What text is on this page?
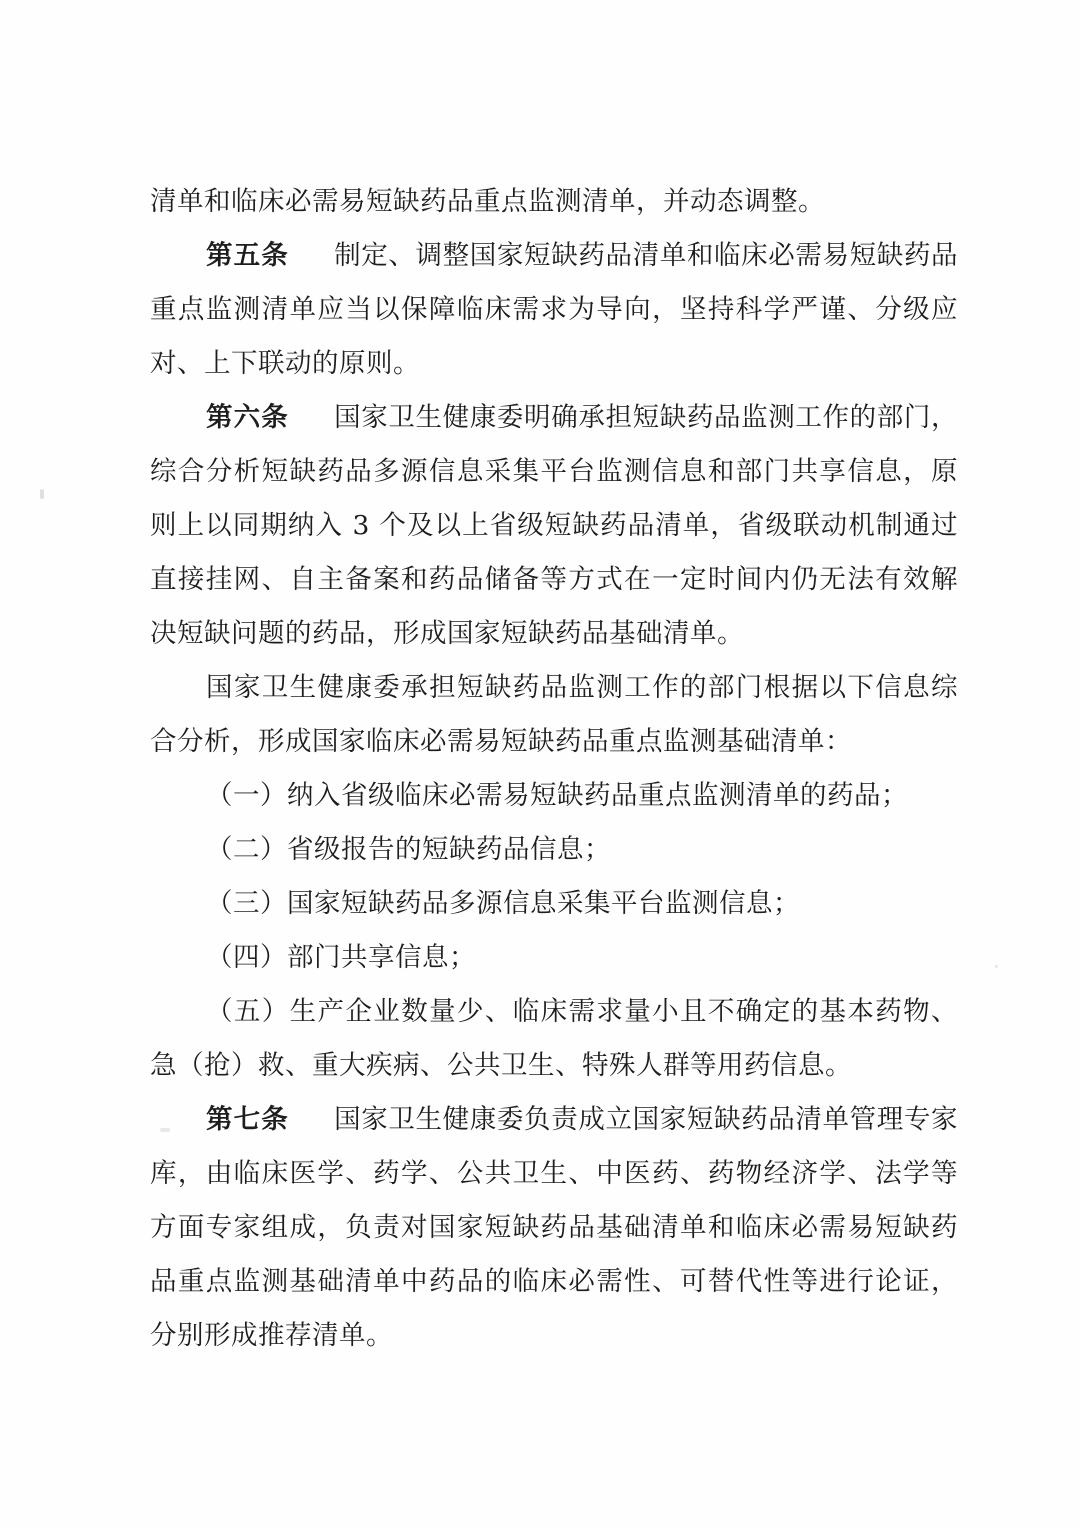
清单和临床必需易短缺药品重点监测清单，并动态调整。

第五条 制定、调整国家短缺药品清单和临床必需易短缺药品重点监测清单应当以保障临床需求为导向，坚持科学严谨、分级应对、上下联动的原则。

第六条 国家卫生健康委明确承担短缺药品监测工作的部门，综合分析短缺药品多源信息采集平台监测信息和部门共享信息，原则上以同期纳入 3 个及以上省级短缺药品清单，省级联动机制通过直接挂网、自主备案和药品储备等方式在一定时间内仍无法有效解决短缺问题的药品，形成国家短缺药品基础清单。

国家卫生健康委承担短缺药品监测工作的部门根据以下信息综合分析，形成国家临床必需易短缺药品重点监测基础清单：

（一）纳入省级临床必需易短缺药品重点监测清单的药品；

（二）省级报告的短缺药品信息；

（三）国家短缺药品多源信息采集平台监测信息；

（四）部门共享信息；

（五）生产企业数量少、临床需求量小且不确定的基本药物、急（抢）救、重大疾病、公共卫生、特殊人群等用药信息。

第七条 国家卫生健康委负责成立国家短缺药品清单管理专家库，由临床医学、药学、公共卫生、中医药、药物经济学、法学等方面专家组成，负责对国家短缺药品基础清单和临床必需易短缺药品重点监测基础清单中药品的临床必需性、可替代性等进行论证，分别形成推荐清单。
